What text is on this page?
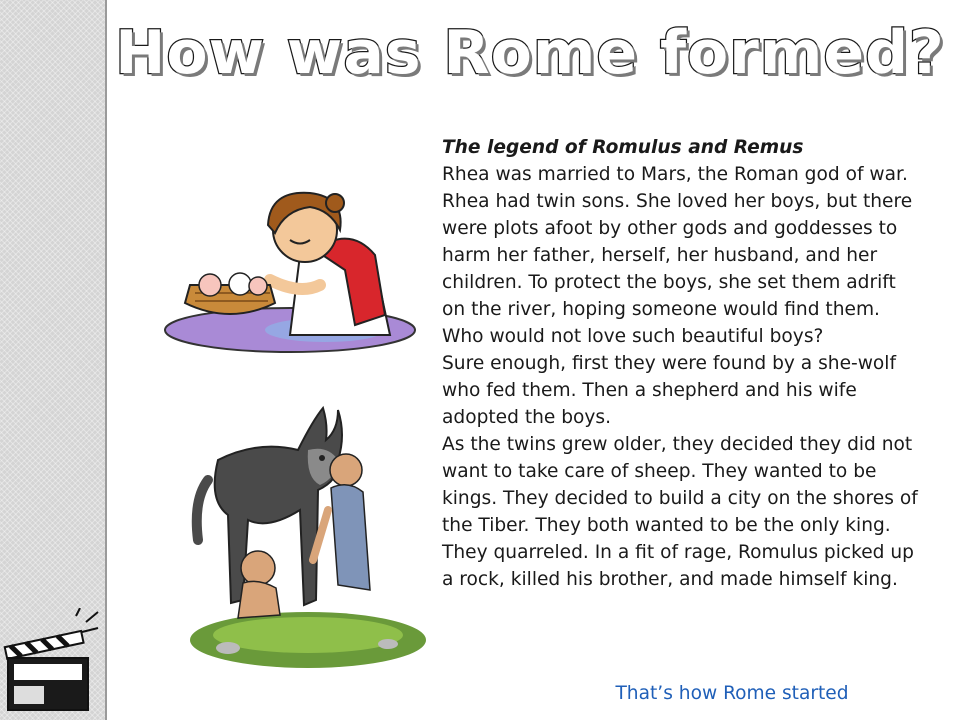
How was Rome formed?

The legend of Romulus and Remus

Rhea was married to Mars, the Roman god of war. Rhea had twin sons. She loved her boys, but there were plots afoot by other gods and goddesses to harm her father, herself, her husband, and her children. To protect the boys, she set them adrift on the river, hoping someone would find them. Who would not love such beautiful boys?

Sure enough, first they were found by a she-wolf who fed them. Then a shepherd and his wife adopted the boys.

As the twins grew older, they decided they did not want to take care of sheep. They wanted to be kings. They decided to build a city on the shores of the Tiber. They both wanted to be the only king. They quarreled. In a fit of rage, Romulus picked up a rock, killed his brother, and made himself king.

That’s how Rome started
